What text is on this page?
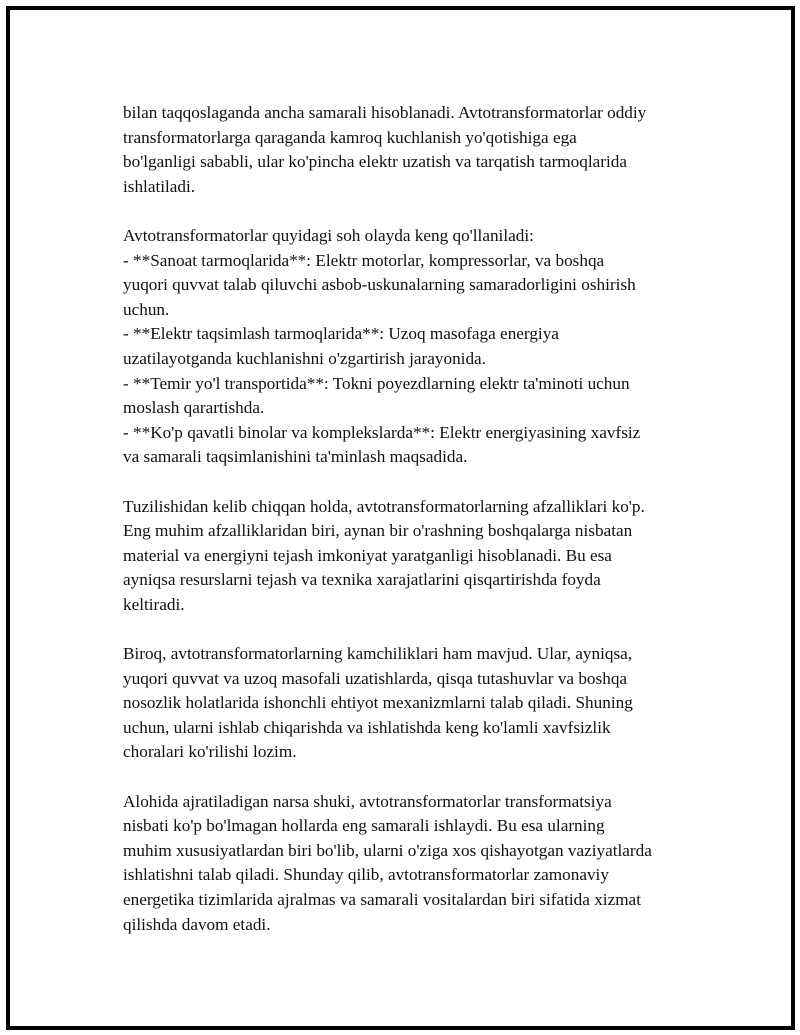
bilan taqqoslaganda ancha samarali hisoblanadi. Avtotransformatorlar oddiy
transformatorlarga qaraganda kamroq kuchlanish yo'qotishiga ega
bo'lganligi sababli, ular ko'pincha elektr uzatish va tarqatish tarmoqlarida
ishlatiladi.

Avtotransformatorlar quyidagi soh olayda keng qo'llaniladi:
- **Sanoat tarmoqlarida**: Elektr motorlar, kompressorlar, va boshqa
yuqori quvvat talab qiluvchi asbob-uskunalarning samaradorligini oshirish
uchun.
- **Elektr taqsimlash tarmoqlarida**: Uzoq masofaga energiya
uzatilayotganda kuchlanishni o'zgartirish jarayonida.
- **Temir yo'l transportida**: Tokni poyezdlarning elektr ta'minoti uchun
moslash qarartishda.
- **Ko'p qavatli binolar va komplekslarda**: Elektr energiyasining xavfsiz
va samarali taqsimlanishini ta'minlash maqsadida.

Tuzilishidan kelib chiqqan holda, avtotransformatorlarning afzalliklari ko'p.
Eng muhim afzalliklaridan biri, aynan bir o'rashning boshqalarga nisbatan
material va energiyni tejash imkoniyat yaratganligi hisoblanadi. Bu esa
ayniqsa resurslarni tejash va texnika xarajatlarini qisqartirishda foyda
keltiradi.

Biroq, avtotransformatorlarning kamchiliklari ham mavjud. Ular, ayniqsa,
yuqori quvvat va uzoq masofali uzatishlarda, qisqa tutashuvlar va boshqa
nosozlik holatlarida ishonchli ehtiyot mexanizmlarni talab qiladi. Shuning
uchun, ularni ishlab chiqarishda va ishlatishda keng ko'lamli xavfsizlik
choralari ko'rilishi lozim.

Alohida ajratiladigan narsa shuki, avtotransformatorlar transformatsiya
nisbati ko'p bo'lmagan hollarda eng samarali ishlaydi. Bu esa ularning
muhim xususiyatlardan biri bo'lib, ularni o'ziga xos qishayotgan vaziyatlarda
ishlatishni talab qiladi. Shunday qilib, avtotransformatorlar zamonaviy
energetika tizimlarida ajralmas va samarali vositalardan biri sifatida xizmat
qilishda davom etadi.
